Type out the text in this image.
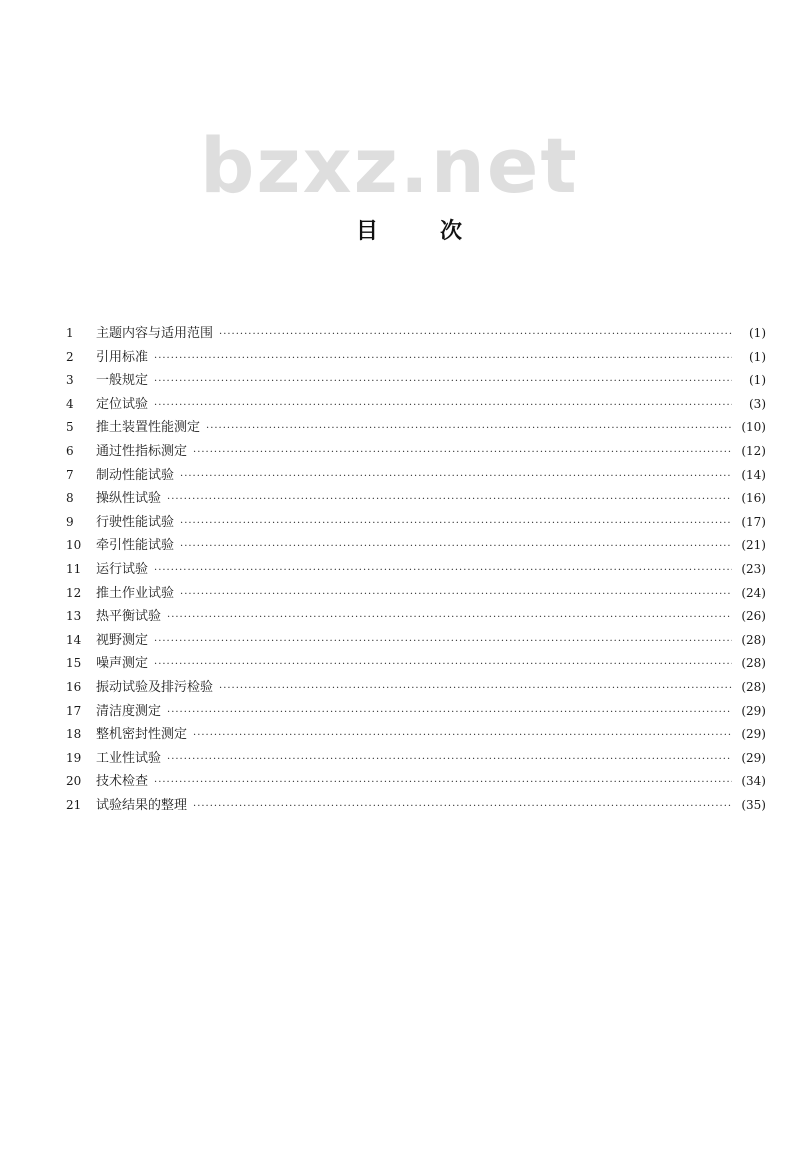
bzxz.net
目	次
1	主题内容与适用范围 ·····	(1)
2	引用标准 ·····	(1)
3	一般规定 ·····	(1)
4	定位试验 ·····	(3)
5	推土装置性能测定 ·····	(10)
6	通过性指标测定 ·····	(12)
7	制动性能试验 ·····	(14)
8	操纵性试验 ·····	(16)
9	行驶性能试验 ·····	(17)
10	牵引性能试验 ·····	(21)
11	运行试验 ·····	(23)
12	推土作业试验 ·····	(24)
13	热平衡试验 ·····	(26)
14	视野测定 ·····	(28)
15	噪声测定 ·····	(28)
16	振动试验及排污检验 ·····	(28)
17	清洁度测定 ·····	(29)
18	整机密封性测定 ·····	(29)
19	工业性试验 ·····	(29)
20	技术检查 ·····	(34)
21	试验结果的整理 ·····	(35)
